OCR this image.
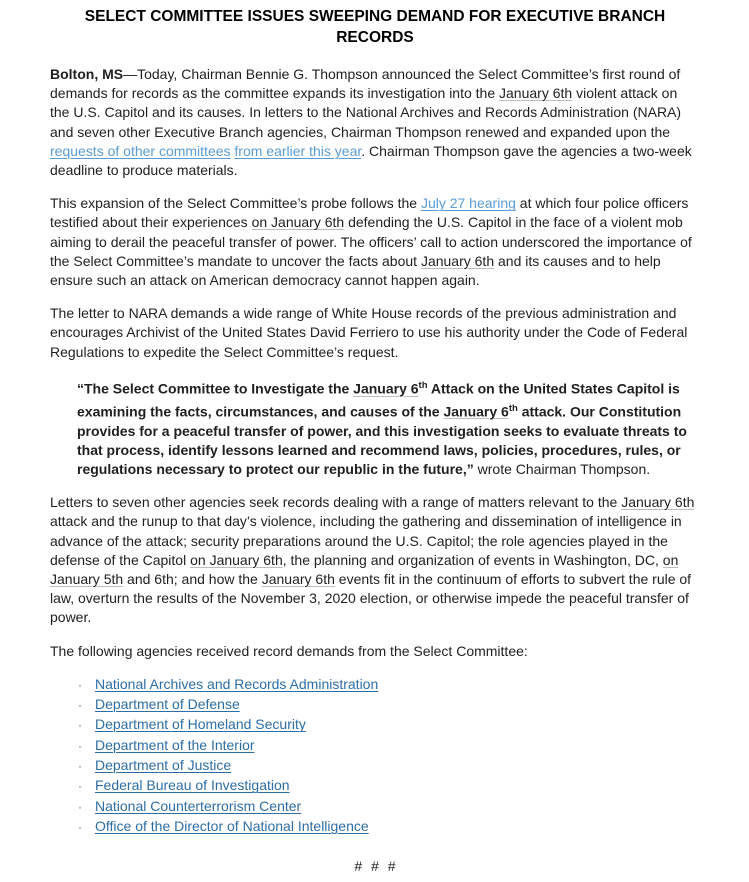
SELECT COMMITTEE ISSUES SWEEPING DEMAND FOR EXECUTIVE BRANCH RECORDS
Bolton, MS—Today, Chairman Bennie G. Thompson announced the Select Committee’s first round of demands for records as the committee expands its investigation into the January 6th violent attack on the U.S. Capitol and its causes. In letters to the National Archives and Records Administration (NARA) and seven other Executive Branch agencies, Chairman Thompson renewed and expanded upon the requests of other committees from earlier this year. Chairman Thompson gave the agencies a two-week deadline to produce materials.
This expansion of the Select Committee’s probe follows the July 27 hearing at which four police officers testified about their experiences on January 6th defending the U.S. Capitol in the face of a violent mob aiming to derail the peaceful transfer of power. The officers’ call to action underscored the importance of the Select Committee’s mandate to uncover the facts about January 6th and its causes and to help ensure such an attack on American democracy cannot happen again.
The letter to NARA demands a wide range of White House records of the previous administration and encourages Archivist of the United States David Ferriero to use his authority under the Code of Federal Regulations to expedite the Select Committee’s request.
“The Select Committee to Investigate the January 6th Attack on the United States Capitol is examining the facts, circumstances, and causes of the January 6th attack. Our Constitution provides for a peaceful transfer of power, and this investigation seeks to evaluate threats to that process, identify lessons learned and recommend laws, policies, procedures, rules, or regulations necessary to protect our republic in the future,” wrote Chairman Thompson.
Letters to seven other agencies seek records dealing with a range of matters relevant to the January 6th attack and the runup to that day’s violence, including the gathering and dissemination of intelligence in advance of the attack; security preparations around the U.S. Capitol; the role agencies played in the defense of the Capitol on January 6th, the planning and organization of events in Washington, DC, on January 5th and 6th; and how the January 6th events fit in the continuum of efforts to subvert the rule of law, overturn the results of the November 3, 2020 election, or otherwise impede the peaceful transfer of power.
The following agencies received record demands from the Select Committee:
· National Archives and Records Administration
· Department of Defense
· Department of Homeland Security
· Department of the Interior
· Department of Justice
· Federal Bureau of Investigation
· National Counterterrorism Center
· Office of the Director of National Intelligence
# # #
